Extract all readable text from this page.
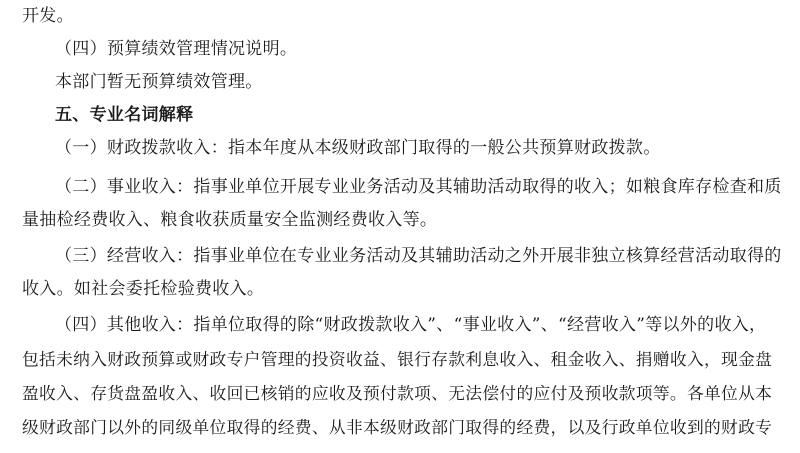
开发。
（四）预算绩效管理情况说明。
本部门暂无预算绩效管理。
五、专业名词解释
（一）财政拨款收入：指本年度从本级财政部门取得的一般公共预算财政拨款。
（二）事业收入：指事业单位开展专业业务活动及其辅助活动取得的收入；如粮食库存检查和质
量抽检经费收入、粮食收获质量安全监测经费收入等。
（三）经营收入：指事业单位在专业业务活动及其辅助活动之外开展非独立核算经营活动取得的
收入。如社会委托检验费收入。
（四）其他收入：指单位取得的除“财政拨款收入”、“事业收入”、“经营收入”等以外的收入，
包括未纳入财政预算或财政专户管理的投资收益、银行存款利息收入、租金收入、捐赠收入，现金盘
盈收入、存货盘盈收入、收回已核销的应收及预付款项、无法偿付的应付及预收款项等。各单位从本
级财政部门以外的同级单位取得的经费、从非本级财政部门取得的经费，以及行政单位收到的财政专
